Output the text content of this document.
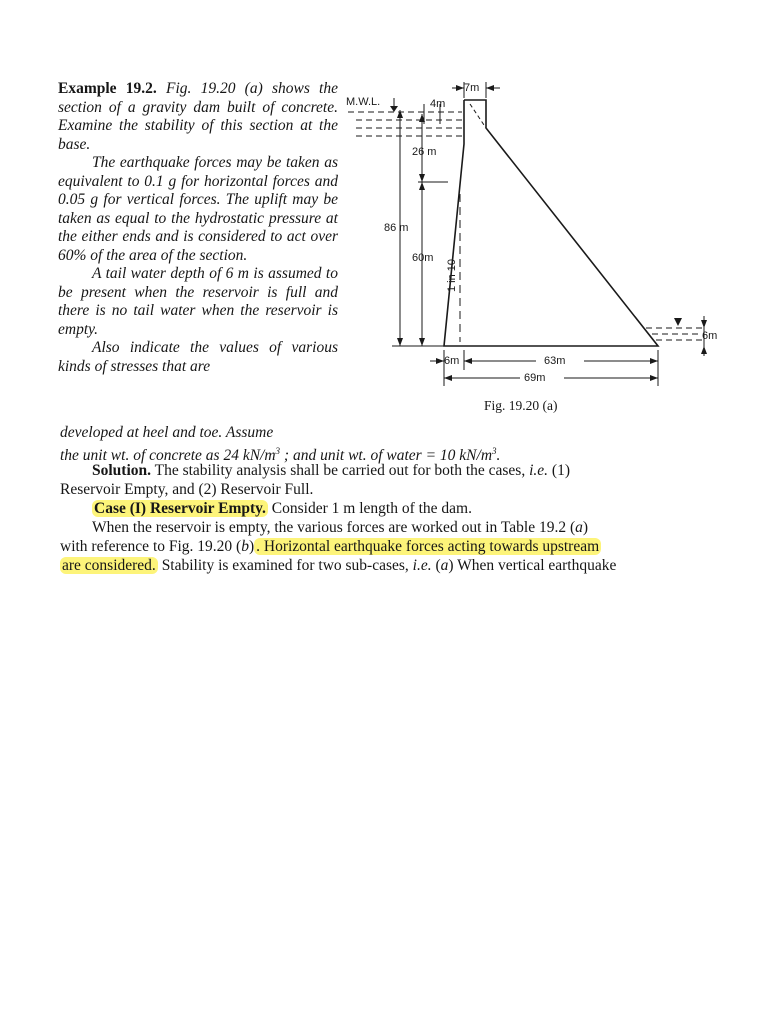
Example 19.2. Fig. 19.20 (a) shows the section of a gravity dam built of concrete. Examine the stability of this section at the base.

The earthquake forces may be taken as equivalent to 0.1 g for horizontal forces and 0.05 g for vertical forces. The uplift may be taken as equal to the hydrostatic pressure at the either ends and is considered to act over 60% of the area of the section.

A tail water depth of 6 m is assumed to be present when the reservoir is full and there is no tail water when the reservoir is empty.

Also indicate the values of various kinds of stresses that are

M.W.L.
7m
4m
26 m
86 m
60m
1 in 10
6m
6m	63m
69m
Fig. 19.20 (a)
developed at heel and toe. Assume
the unit wt. of concrete as 24 $kN/m^3$ ; and unit wt. of water = 10 $kN/m^3$.
Solution. The stability analysis shall be carried out for both the cases, i.e. (1)
Reservoir Empty, and (2) Reservoir Full.
Case (I) Reservoir Empty. Consider 1 m length of the dam.
When the reservoir is empty, the various forces are worked out in Table 19.2 (a)
with reference to Fig. 19.20 (b) . Horizontal earthquake forces acting towards upstream
are considered. Stability is examined for two sub-cases, i.e. (a) When vertical earthquake
